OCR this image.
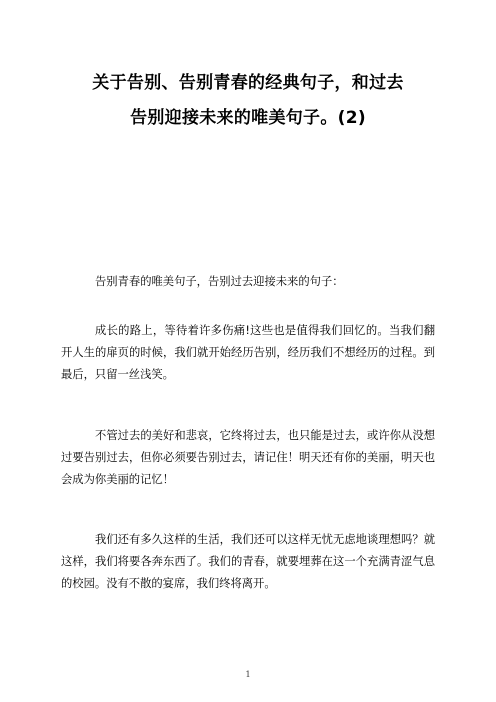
关于告别、告别青春的经典句子，和过去
告别迎接未来的唯美句子。(2)

告别青春的唯美句子，告别过去迎接未来的句子：

成长的路上，等待着许多伤痛!这些也是值得我们回忆的。当我们翻开人生的扉页的时候，我们就开始经历告别，经历我们不想经历的过程。到最后，只留一丝浅笑。

不管过去的美好和悲哀，它终将过去，也只能是过去，或许你从没想过要告别过去，但你必须要告别过去，请记住！明天还有你的美丽，明天也会成为你美丽的记忆！

我们还有多久这样的生活，我们还可以这样无忧无虑地谈理想吗？就这样，我们将要各奔东西了。我们的青春，就要埋葬在这一个充满青涩气息的校园。没有不散的宴席，我们终将离开。

1
